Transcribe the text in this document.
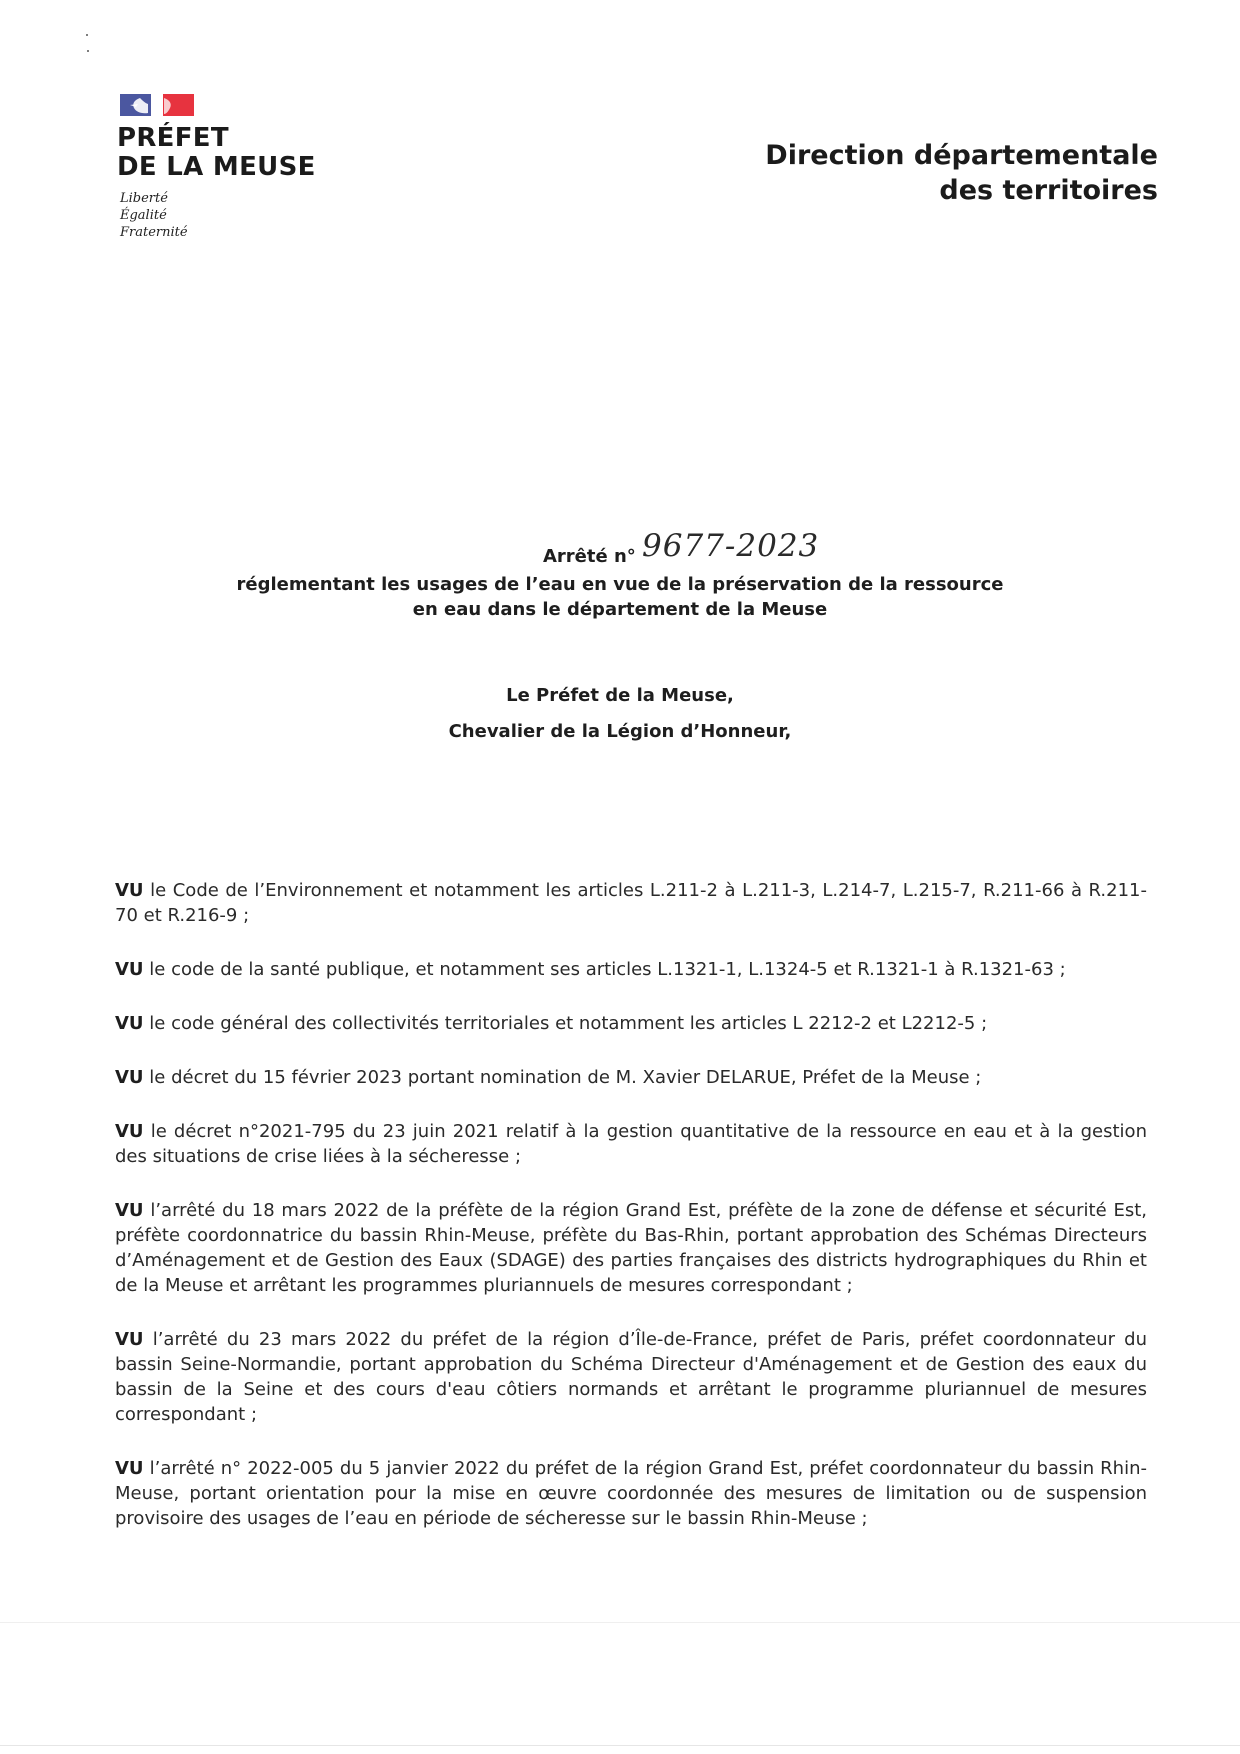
PRÉFET
DE LA MEUSE
Liberté
Égalité
Fraternité
Direction départementale
des territoires
Arrêté n° 9677-2023
réglementant les usages de l’eau en vue de la préservation de la ressource
en eau dans le département de la Meuse
Le Préfet de la Meuse,
Chevalier de la Légion d’Honneur,

VU le Code de l’Environnement et notamment les articles L.211-2 à L.211-3, L.214-7, L.215-7, R.211-66 à R.211-70 et R.216-9 ;

VU le code de la santé publique, et notamment ses articles L.1321-1, L.1324-5 et R.1321-1 à R.1321-63 ;

VU le code général des collectivités territoriales et notamment les articles L 2212-2 et L2212-5 ;

VU le décret du 15 février 2023 portant nomination de M. Xavier DELARUE, Préfet de la Meuse ;

VU le décret n°2021-795 du 23 juin 2021 relatif à la gestion quantitative de la ressource en eau et à la gestion des situations de crise liées à la sécheresse ;

VU l’arrêté du 18 mars 2022 de la préfète de la région Grand Est, préfète de la zone de défense et sécurité Est, préfète coordonnatrice du bassin Rhin-Meuse, préfète du Bas-Rhin, portant approbation des Schémas Directeurs d’Aménagement et de Gestion des Eaux (SDAGE) des parties françaises des districts hydrographiques du Rhin et de la Meuse et arrêtant les programmes pluriannuels de mesures correspondant ;

VU l’arrêté du 23 mars 2022 du préfet de la région d’Île-de-France, préfet de Paris, préfet coordonnateur du bassin Seine-Normandie, portant approbation du Schéma Directeur d'Aménagement et de Gestion des eaux du bassin de la Seine et des cours d'eau côtiers normands et arrêtant le programme pluriannuel de mesures correspondant ;

VU l’arrêté n° 2022-005 du 5 janvier 2022 du préfet de la région Grand Est, préfet coordonnateur du bassin Rhin-Meuse, portant orientation pour la mise en œuvre coordonnée des mesures de limitation ou de suspension provisoire des usages de l’eau en période de sécheresse sur le bassin Rhin-Meuse ;
